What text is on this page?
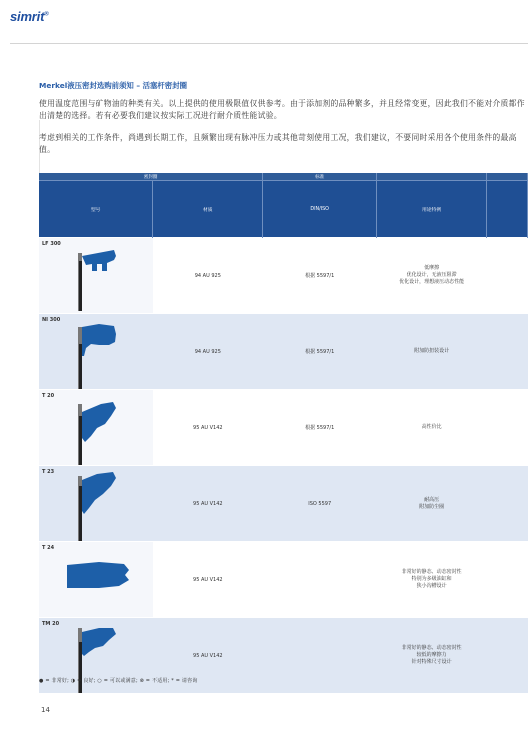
simrit®
Merkel液压密封选购前须知 – 活塞杆密封圈
使用温度范围与矿物油的种类有关。以上提供的使用极限值仅供参考。由于添加剂的品种繁多，并且经常变更，因此我们不能对介质都作出清楚的选择。若有必要我们建议按实际工况进行耐介质性能试验。
考虑到相关的工作条件，尚遇到长期工作，且频繁出现有脉冲压力或其他苛刻使用工况，我们建议，不要同时采用各个使用条件的最高值。
密封圈		标准		
型号	材质	DIN/ISO	用途特例	

LF 300	94 AU 925	根据 5597/1	低摩擦
优化设计，无液压阻滞
优化设计，理想液压动态性能	

NI 300	94 AU 925	根据 5597/1	附加防扭装设计	

T 20	95 AU V142	根据 5597/1	高性价比	

T 23	95 AU V142	ISO 5597	耐高压
附加防尘圈	

T 24	95 AU V142		非常好的静态、动态密封性
特别为多级油缸和
狭小沟槽设计	

TM 20	95 AU V142		非常好的静态、动态密封性
较低的摩擦力
针对特殊尺寸设计	

● = 非常好; ◑ = 良好; ○ = 可以或满意; ⊗ = 不适用; * = 请咨询
14
